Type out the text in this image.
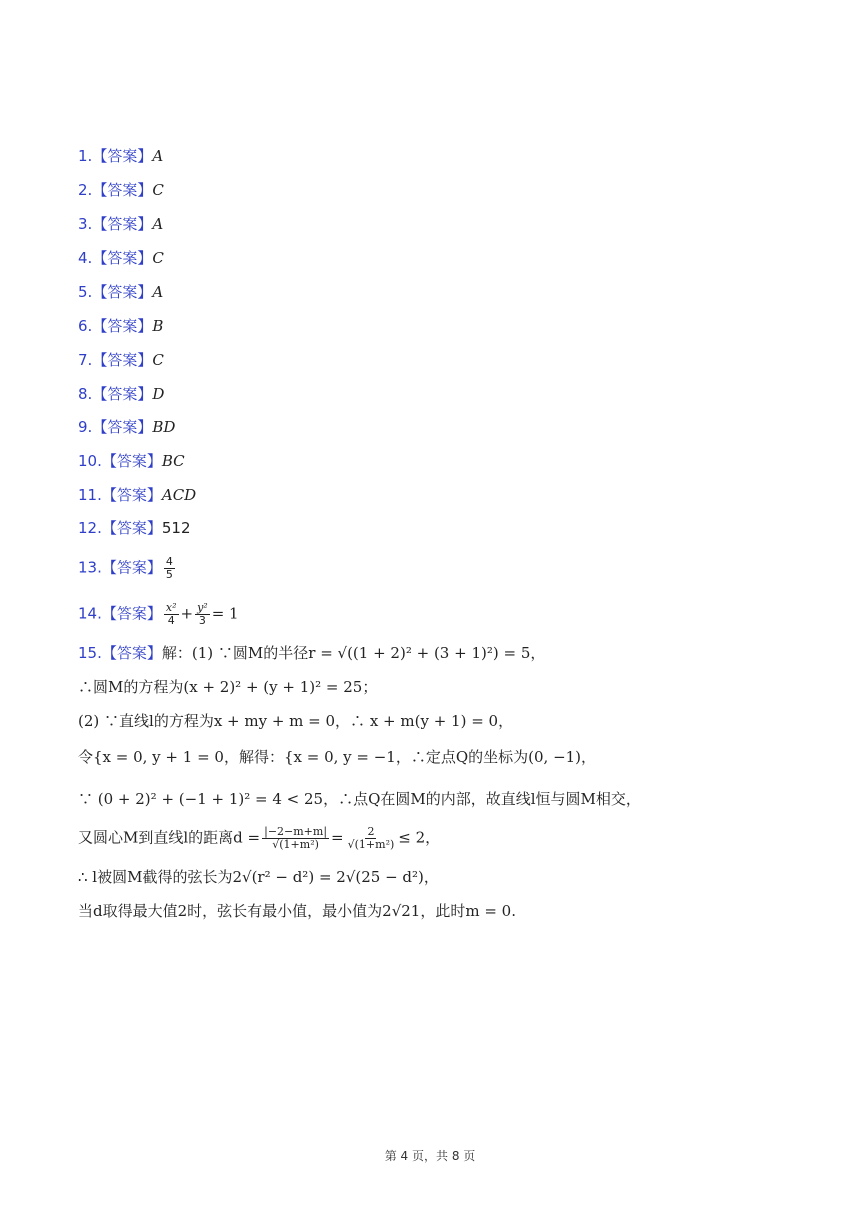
1.【答案】A
2.【答案】C
3.【答案】A
4.【答案】C
5.【答案】A
6.【答案】B
7.【答案】C
8.【答案】D
9.【答案】BD
10.【答案】BC
11.【答案】ACD
12.【答案】512
13.【答案】 $\frac{4}{5}$
14.【答案】 $\frac{\text{x²}}{4} + \frac{\text{y²}}{3} = 1$
15.【答案】解：(1) ∵圆M的半径r = √((1 + 2)² + (3 + 1)²) = 5，
∴圆M的方程为(x + 2)² + (y + 1)² = 25；
(2) ∵直线l的方程为x + my + m = 0，∴ x + m(y + 1) = 0，
令{x = 0, y + 1 = 0，解得：{x = 0, y = −1，∴定点Q的坐标为(0, −1)，
∵ (0 + 2)² + (−1 + 1)² = 4 < 25，∴点Q在圆M的内部，故直线l恒与圆M相交，
又圆心M到直线l的距离$d = \frac{|-2-m+m|}{\text{√(1+m²)}} = \frac{2}{\text{√(1+m²)}} \le 2$，
∴ l被圆M截得的弦长为2√(r² − d²) = 2√(25 − d²)，
当d取得最大值2时，弦长有最小值，最小值为2√21，此时m = 0.
第 4 页，共 8 页
